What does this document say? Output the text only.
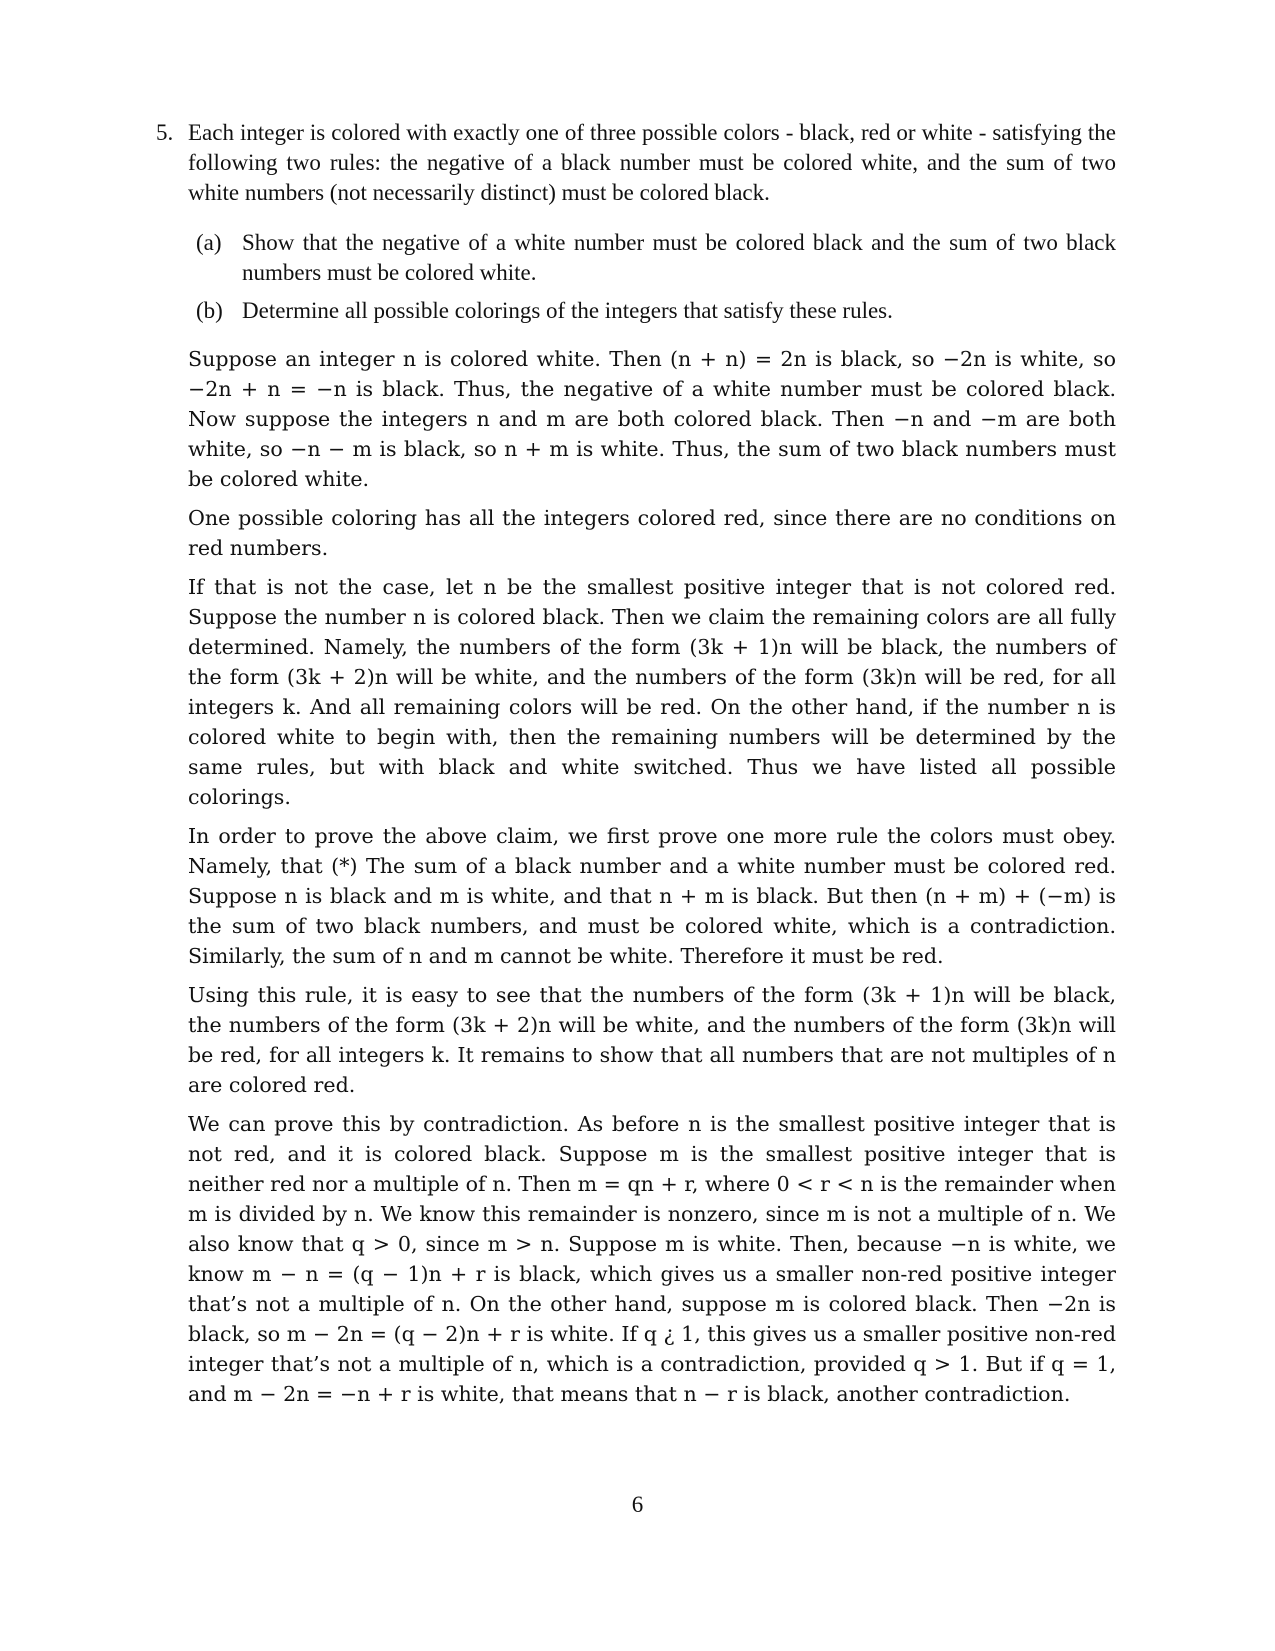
5. Each integer is colored with exactly one of three possible colors - black, red or white - satisfying the following two rules: the negative of a black number must be colored white, and the sum of two white numbers (not necessarily distinct) must be colored black.
(a) Show that the negative of a white number must be colored black and the sum of two black numbers must be colored white.
(b) Determine all possible colorings of the integers that satisfy these rules.

Suppose an integer n is colored white. Then (n + n) = 2n is black, so −2n is white, so −2n + n = −n is black. Thus, the negative of a white number must be colored black. Now suppose the integers n and m are both colored black. Then −n and −m are both white, so −n − m is black, so n + m is white. Thus, the sum of two black numbers must be colored white.

One possible coloring has all the integers colored red, since there are no conditions on red numbers.

If that is not the case, let n be the smallest positive integer that is not colored red. Suppose the number n is colored black. Then we claim the remaining colors are all fully determined. Namely, the numbers of the form (3k + 1)n will be black, the numbers of the form (3k + 2)n will be white, and the numbers of the form (3k)n will be red, for all integers k. And all remaining colors will be red. On the other hand, if the number n is colored white to begin with, then the remaining numbers will be determined by the same rules, but with black and white switched. Thus we have listed all possible colorings.

In order to prove the above claim, we first prove one more rule the colors must obey. Namely, that (*) The sum of a black number and a white number must be colored red. Suppose n is black and m is white, and that n + m is black. But then (n + m) + (−m) is the sum of two black numbers, and must be colored white, which is a contradiction. Similarly, the sum of n and m cannot be white. Therefore it must be red.

Using this rule, it is easy to see that the numbers of the form (3k + 1)n will be black, the numbers of the form (3k + 2)n will be white, and the numbers of the form (3k)n will be red, for all integers k. It remains to show that all numbers that are not multiples of n are colored red.

We can prove this by contradiction. As before n is the smallest positive integer that is not red, and it is colored black. Suppose m is the smallest positive integer that is neither red nor a multiple of n. Then m = qn + r, where 0 < r < n is the remainder when m is divided by n. We know this remainder is nonzero, since m is not a multiple of n. We also know that q > 0, since m > n. Suppose m is white. Then, because −n is white, we know m − n = (q − 1)n + r is black, which gives us a smaller non-red positive integer that’s not a multiple of n. On the other hand, suppose m is colored black. Then −2n is black, so m − 2n = (q − 2)n + r is white. If q ¿ 1, this gives us a smaller positive non-red integer that’s not a multiple of n, which is a contradiction, provided q > 1. But if q = 1, and m − 2n = −n + r is white, that means that n − r is black, another contradiction.

6
